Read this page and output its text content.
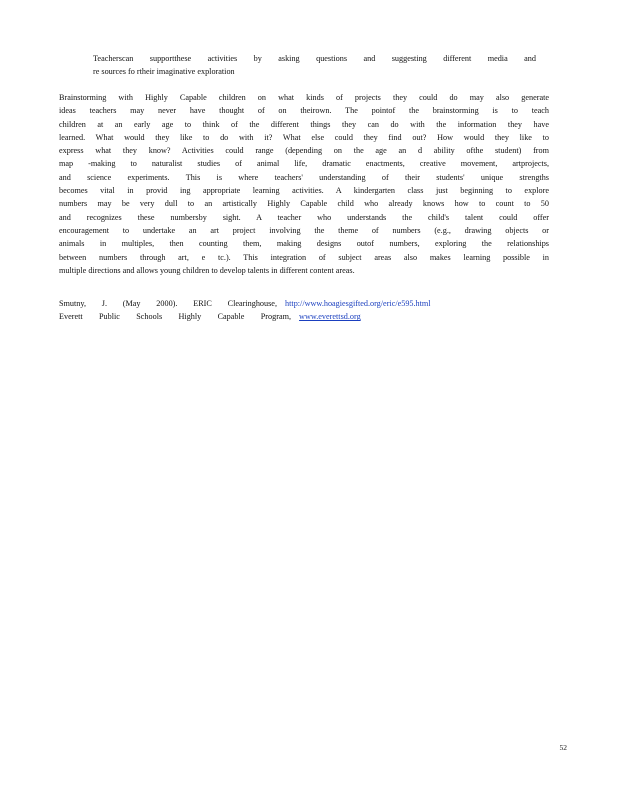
Teacherscan supportthese activities by asking questions and suggesting different media and
re sources fo rtheir imaginative exploration
Brainstorming with Highly Capable children on what kinds of projects they could do may also generate
ideas teachers may never have thought of on theirown. The pointof the brainstorming is to teach
children at an early age to think of the different things they can do with the information they have
learned. What would they like to do with it? What else could they find out? How would they like to
express what they know? Activities could range (depending on the age an d ability ofthe student) from
map -making to naturalist studies of animal life, dramatic enactments, creative movement, artprojects,
and science experiments. This is where teachers' understanding of their students' unique strengths
becomes vital in provid ing appropriate learning activities. A kindergarten class just beginning to explore
numbers may be very dull to an artistically Highly Capable child who already knows how to count to 50
and recognizes these numbersby sight. A teacher who understands the child's talent could offer
encouragement to undertake an art project involving the theme of numbers (e.g., drawing objects or
animals in multiples, then counting them, making designs outof numbers, exploring the relationships
between numbers through art, e tc.). This integration of subject areas also makes learning possible in
multiple directions and allows young children to develop talents in different content areas.
Smutny, J. (May 2000). ERIC Clearinghouse, http://www.hoagiesgifted.org/eric/e595.html
Everett Public Schools Highly Capable Program, www.everettsd.org
52
